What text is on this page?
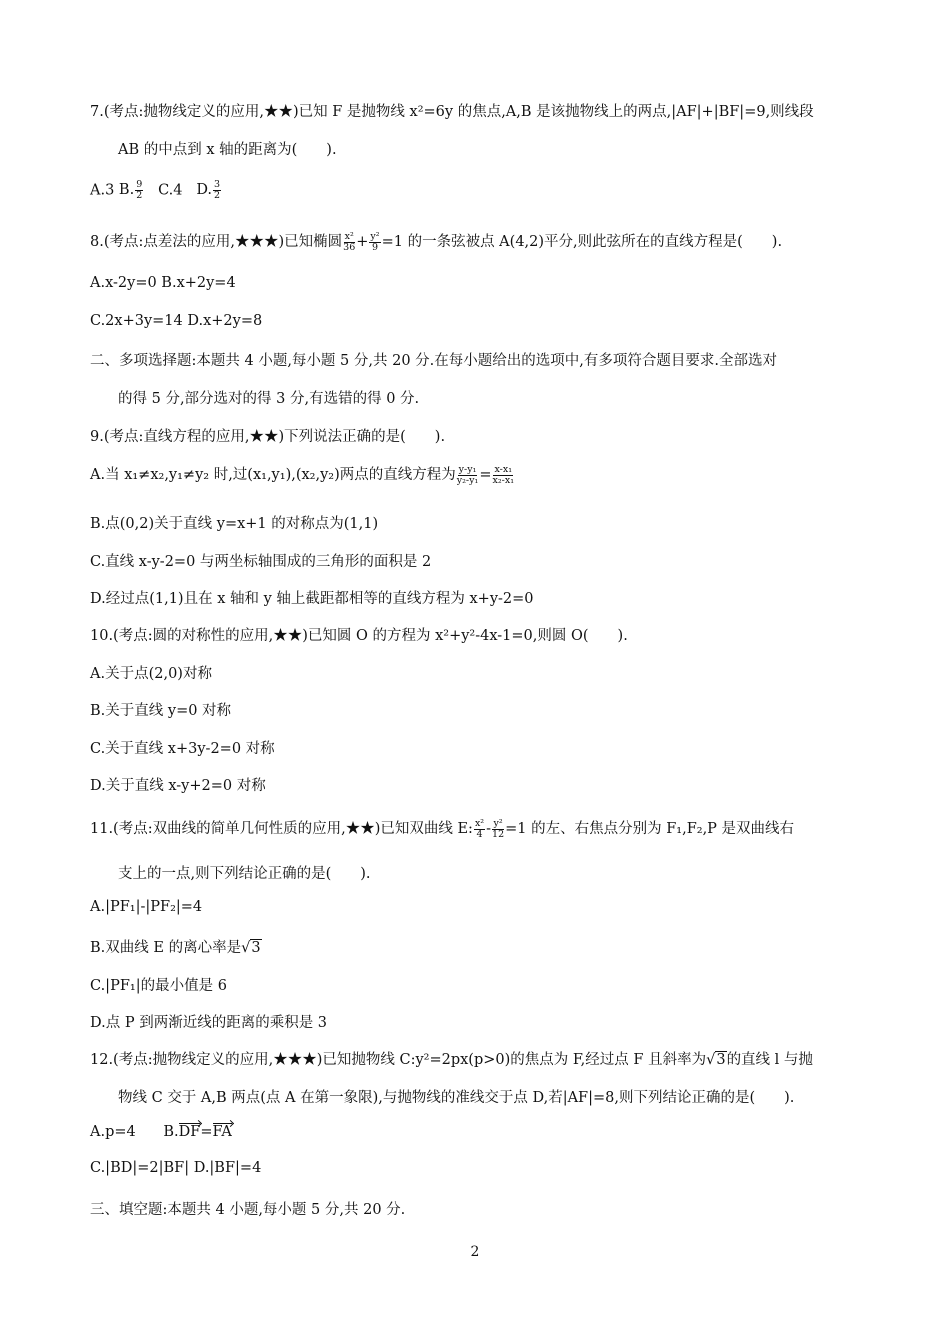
7.(考点:抛物线定义的应用,★★)已知 F 是抛物线 x²=6y 的焦点,A,B 是该抛物线上的两点,|AF|+|BF|=9,则线段
AB 的中点到 x 轴的距离为(　　).
A.3 B. $\frac{9}{2} C.4$ D. $\frac{3}{2}$
8.(考点:点差法的应用,★★★)已知椭圆 $\frac{\text{x²}}{36} + \frac{\text{y²}}{9} =1$ 的一条弦被点 A(4,2)平分,则此弦所在的直线方程是(　　).
A.x-2y=0 B.x+2y=4
C.2x+3y=14 D.x+2y=8
二、多项选择题:本题共 4 小题,每小题 5 分,共 20 分.在每小题给出的选项中,有多项符合题目要求.全部选对
的得 5 分,部分选对的得 3 分,有选错的得 0 分.
9.(考点:直线方程的应用,★★)下列说法正确的是(　　).
A.当 x₁≠x₂,y₁≠y₂ 时,过(x₁,y₁),(x₂,y₂)两点的直线方程为 $\frac{\text{y-y₁}}{\text{y₂-y₁}} = \frac{\text{x-x₁}}{\text{x₂-x₁}}$
B.点(0,2)关于直线 y=x+1 的对称点为(1,1)
C.直线 x-y-2=0 与两坐标轴围成的三角形的面积是 2
D.经过点(1,1)且在 x 轴和 y 轴上截距都相等的直线方程为 x+y-2=0
10.(考点:圆的对称性的应用,★★)已知圆 O 的方程为 x²+y²-4x-1=0,则圆 O(　　).
A.关于点(2,0)对称
B.关于直线 y=0 对称
C.关于直线 x+3y-2=0 对称
D.关于直线 x-y+2=0 对称
11.(考点:双曲线的简单几何性质的应用,★★)已知双曲线 E: $\frac{\text{x²}}{4} - \frac{\text{y²}}{12} =1$ 的左、右焦点分别为 F₁,F₂,P 是双曲线右
支上的一点,则下列结论正确的是(　　).
A.|PF₁|-|PF₂|=4
B.双曲线 E 的离心率是√3
C.|PF₁|的最小值是 6
D.点 P 到两渐近线的距离的乘积是 3
12.(考点:抛物线定义的应用,★★★)已知抛物线 C:y²=2px(p>0)的焦点为 F,经过点 F 且斜率为√3的直线 l 与抛
物线 C 交于 A,B 两点(点 A 在第一象限),与抛物线的准线交于点 D,若|AF|=8,则下列结论正确的是(　　).
A.p=4 B.DF=FA
C.|BD|=2|BF| D.|BF|=4
三、填空题:本题共 4 小题,每小题 5 分,共 20 分.
2
